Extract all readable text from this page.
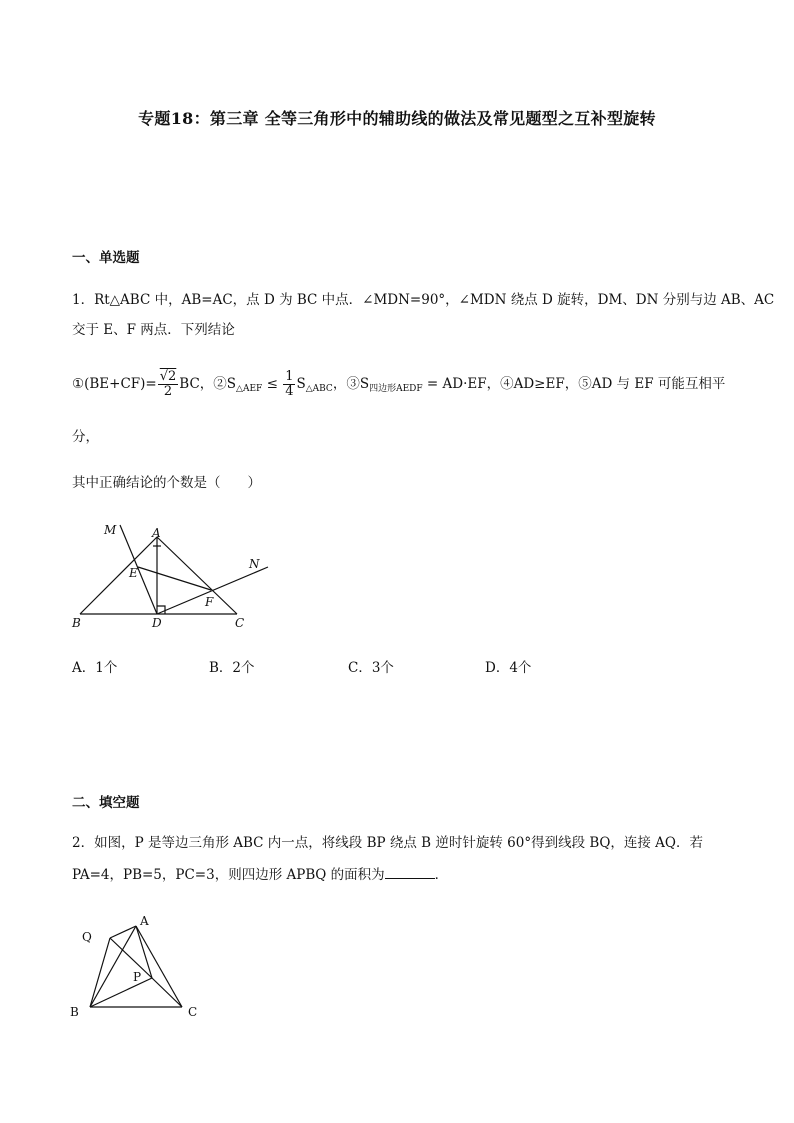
专题18：第三章 全等三角形中的辅助线的做法及常见题型之互补型旋转
一、单选题
1．Rt△ABC 中，AB=AC，点 D 为 BC 中点．∠MDN=90°，∠MDN 绕点 D 旋转，DM、DN 分别与边 AB、AC
交于 E、F 两点．下列结论
①(BE+CF)= $\frac{√2}{2}$ BC，$②S_{\triangle AEF} \le \frac{1}{4} S_{\triangle ABC}$，$③S_{四边形AEDF} = AD\cdot EF$，④AD≥EF，⑤AD 与 EF 可能互相平
分，
其中正确结论的个数是（　　）
M	A
N
E
F
B	D	C
A．1个	B．2个	C．3个	D．4个
二、填空题
2．如图，P 是等边三角形 ABC 内一点，将线段 BP 绕点 B 逆时针旋转 60°得到线段 BQ，连接 AQ．若
PA=4，PB=5，PC=3，则四边形 APBQ 的面积为	．
Q
A
P
B	C
